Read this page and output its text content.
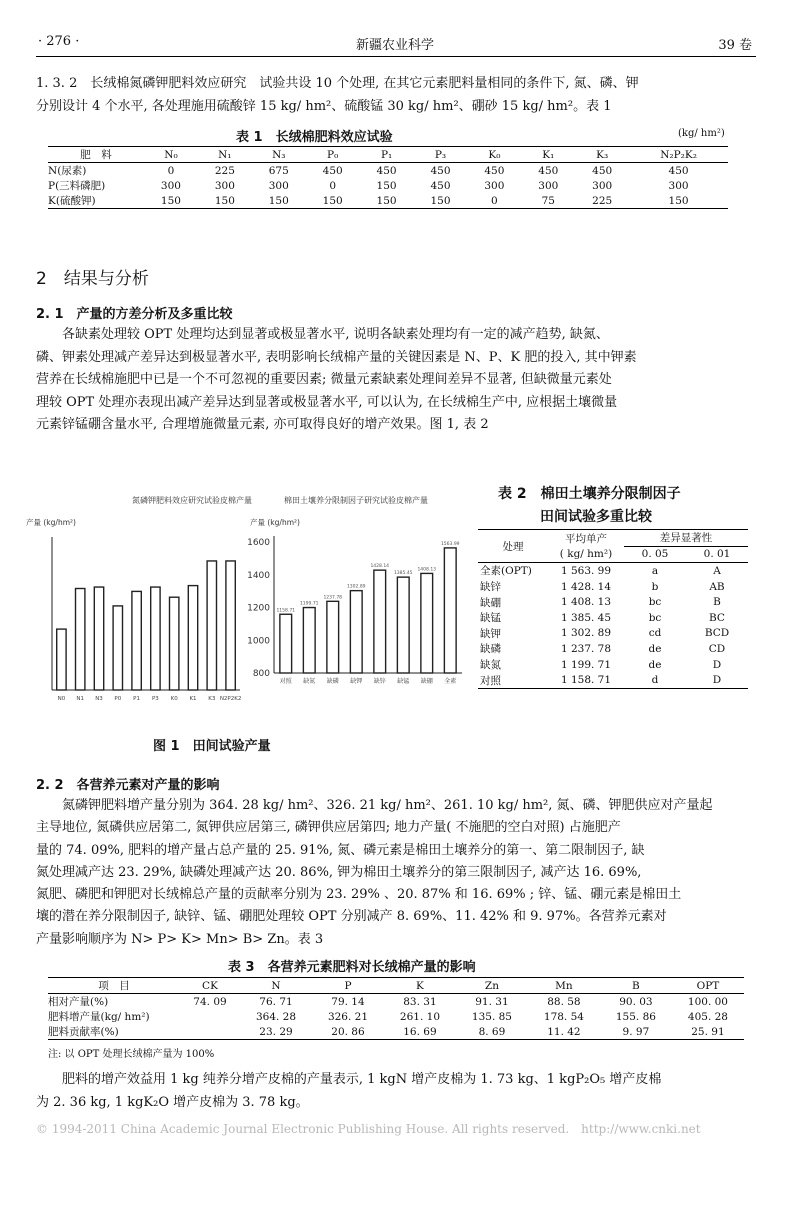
· 276 ·	新疆农业科学	39 卷
1. 3. 2　长绒棉氮磷钾肥料效应研究　试验共设 10 个处理, 在其它元素肥料量相同的条件下, 氮、磷、钾
分别设计 4 个水平, 各处理施用硫酸锌 15 kg/ hm²、硫酸锰 30 kg/ hm²、硼砂 15 kg/ hm²。表 1
表 1　长绒棉肥料效应试验	(kg/ hm²)
肥　料	N₀	N₁	N₃	P₀	P₁	P₃	K₀	K₁	K₃	N₂P₂K₂
N(尿素)	0	225	675	450	450	450	450	450	450	450
P(三料磷肥)	300	300	300	0	150	450	300	300	300	300
K(硫酸钾)	150	150	150	150	150	150	0	75	225	150
2　结果与分析
2. 1　产量的方差分析及多重比较
各缺素处理较 OPT 处理均达到显著或极显著水平, 说明各缺素处理均有一定的减产趋势, 缺氮、
磷、钾素处理减产差异达到极显著水平, 表明影响长绒棉产量的关键因素是 N、P、K 肥的投入, 其中钾素
营养在长绒棉施肥中已是一个不可忽视的重要因素; 微量元素缺素处理间差异不显著, 但缺微量元素处
理较 OPT 处理亦表现出减产差异达到显著或极显著水平, 可以认为, 在长绒棉生产中, 应根据土壤微量
元素锌锰硼含量水平, 合理增施微量元素, 亦可取得良好的增产效果。图 1, 表 2
氮磷钾肥料效应研究试验皮棉产量
产量 (kg/hm²)
N0 N1 N3 P0 P1 P3 K0 K1 K3 N2P2K2
棉田土壤养分限制因子研究试验皮棉产量
产量 (kg/hm²)
1600
1400
1200
1000
800
1158.71
对照
1199.71
缺氮
1237.78
缺磷
1302.89
缺钾
1428.14
缺锌
1385.45
缺锰
1408.13
缺硼
1563.99
全素
图 1　田间试验产量
表 2　棉田土壤养分限制因子
田间试验多重比较
处理	平均单产	差异显著性	
	( kg/ hm²)	0. 05	0. 01
全素(OPT)	1 563. 99	a	A
缺锌	1 428. 14	b	AB
缺硼	1 408. 13	bc	B
缺锰	1 385. 45	bc	BC
缺钾	1 302. 89	cd	BCD
缺磷	1 237. 78	de	CD
缺氮	1 199. 71	de	D
对照	1 158. 71	d	D
2. 2　各营养元素对产量的影响
氮磷钾肥料增产量分别为 364. 28 kg/ hm²、326. 21 kg/ hm²、261. 10 kg/ hm², 氮、磷、钾肥供应对产量起
主导地位, 氮磷供应居第二, 氮钾供应居第三, 磷钾供应居第四; 地力产量( 不施肥的空白对照) 占施肥产
量的 74. 09%, 肥料的增产量占总产量的 25. 91%, 氮、磷元素是棉田土壤养分的第一、第二限制因子, 缺
氮处理减产达 23. 29%, 缺磷处理减产达 20. 86%, 钾为棉田土壤养分的第三限制因子, 减产达 16. 69%,
氮肥、磷肥和钾肥对长绒棉总产量的贡献率分别为 23. 29% 、20. 87% 和 16. 69% ; 锌、锰、硼元素是棉田土
壤的潜在养分限制因子, 缺锌、锰、硼肥处理较 OPT 分别减产 8. 69%、11. 42% 和 9. 97%。各营养元素对
产量影响顺序为 N> P> K> Mn> B> Zn。表 3
表 3　各营养元素肥料对长绒棉产量的影响
项　目	CK	N	P	K	Zn	Mn	B	OPT
相对产量(%)	74. 09	76. 71	79. 14	83. 31	91. 31	88. 58	90. 03	100. 00
肥料增产量(kg/ hm²)		364. 28	326. 21	261. 10	135. 85	178. 54	155. 86	405. 28
肥料贡献率(%)		23. 29	20. 86	16. 69	8. 69	11. 42	9. 97	25. 91
注: 以 OPT 处理长绒棉产量为 100%
肥料的增产效益用 1 kg 纯养分增产皮棉的产量表示, 1 kgN 增产皮棉为 1. 73 kg、1 kgP₂O₅ 增产皮棉
为 2. 36 kg, 1 kgK₂O 增产皮棉为 3. 78 kg。
© 1994-2011 China Academic Journal Electronic Publishing House. All rights reserved.　http://www.cnki.net
